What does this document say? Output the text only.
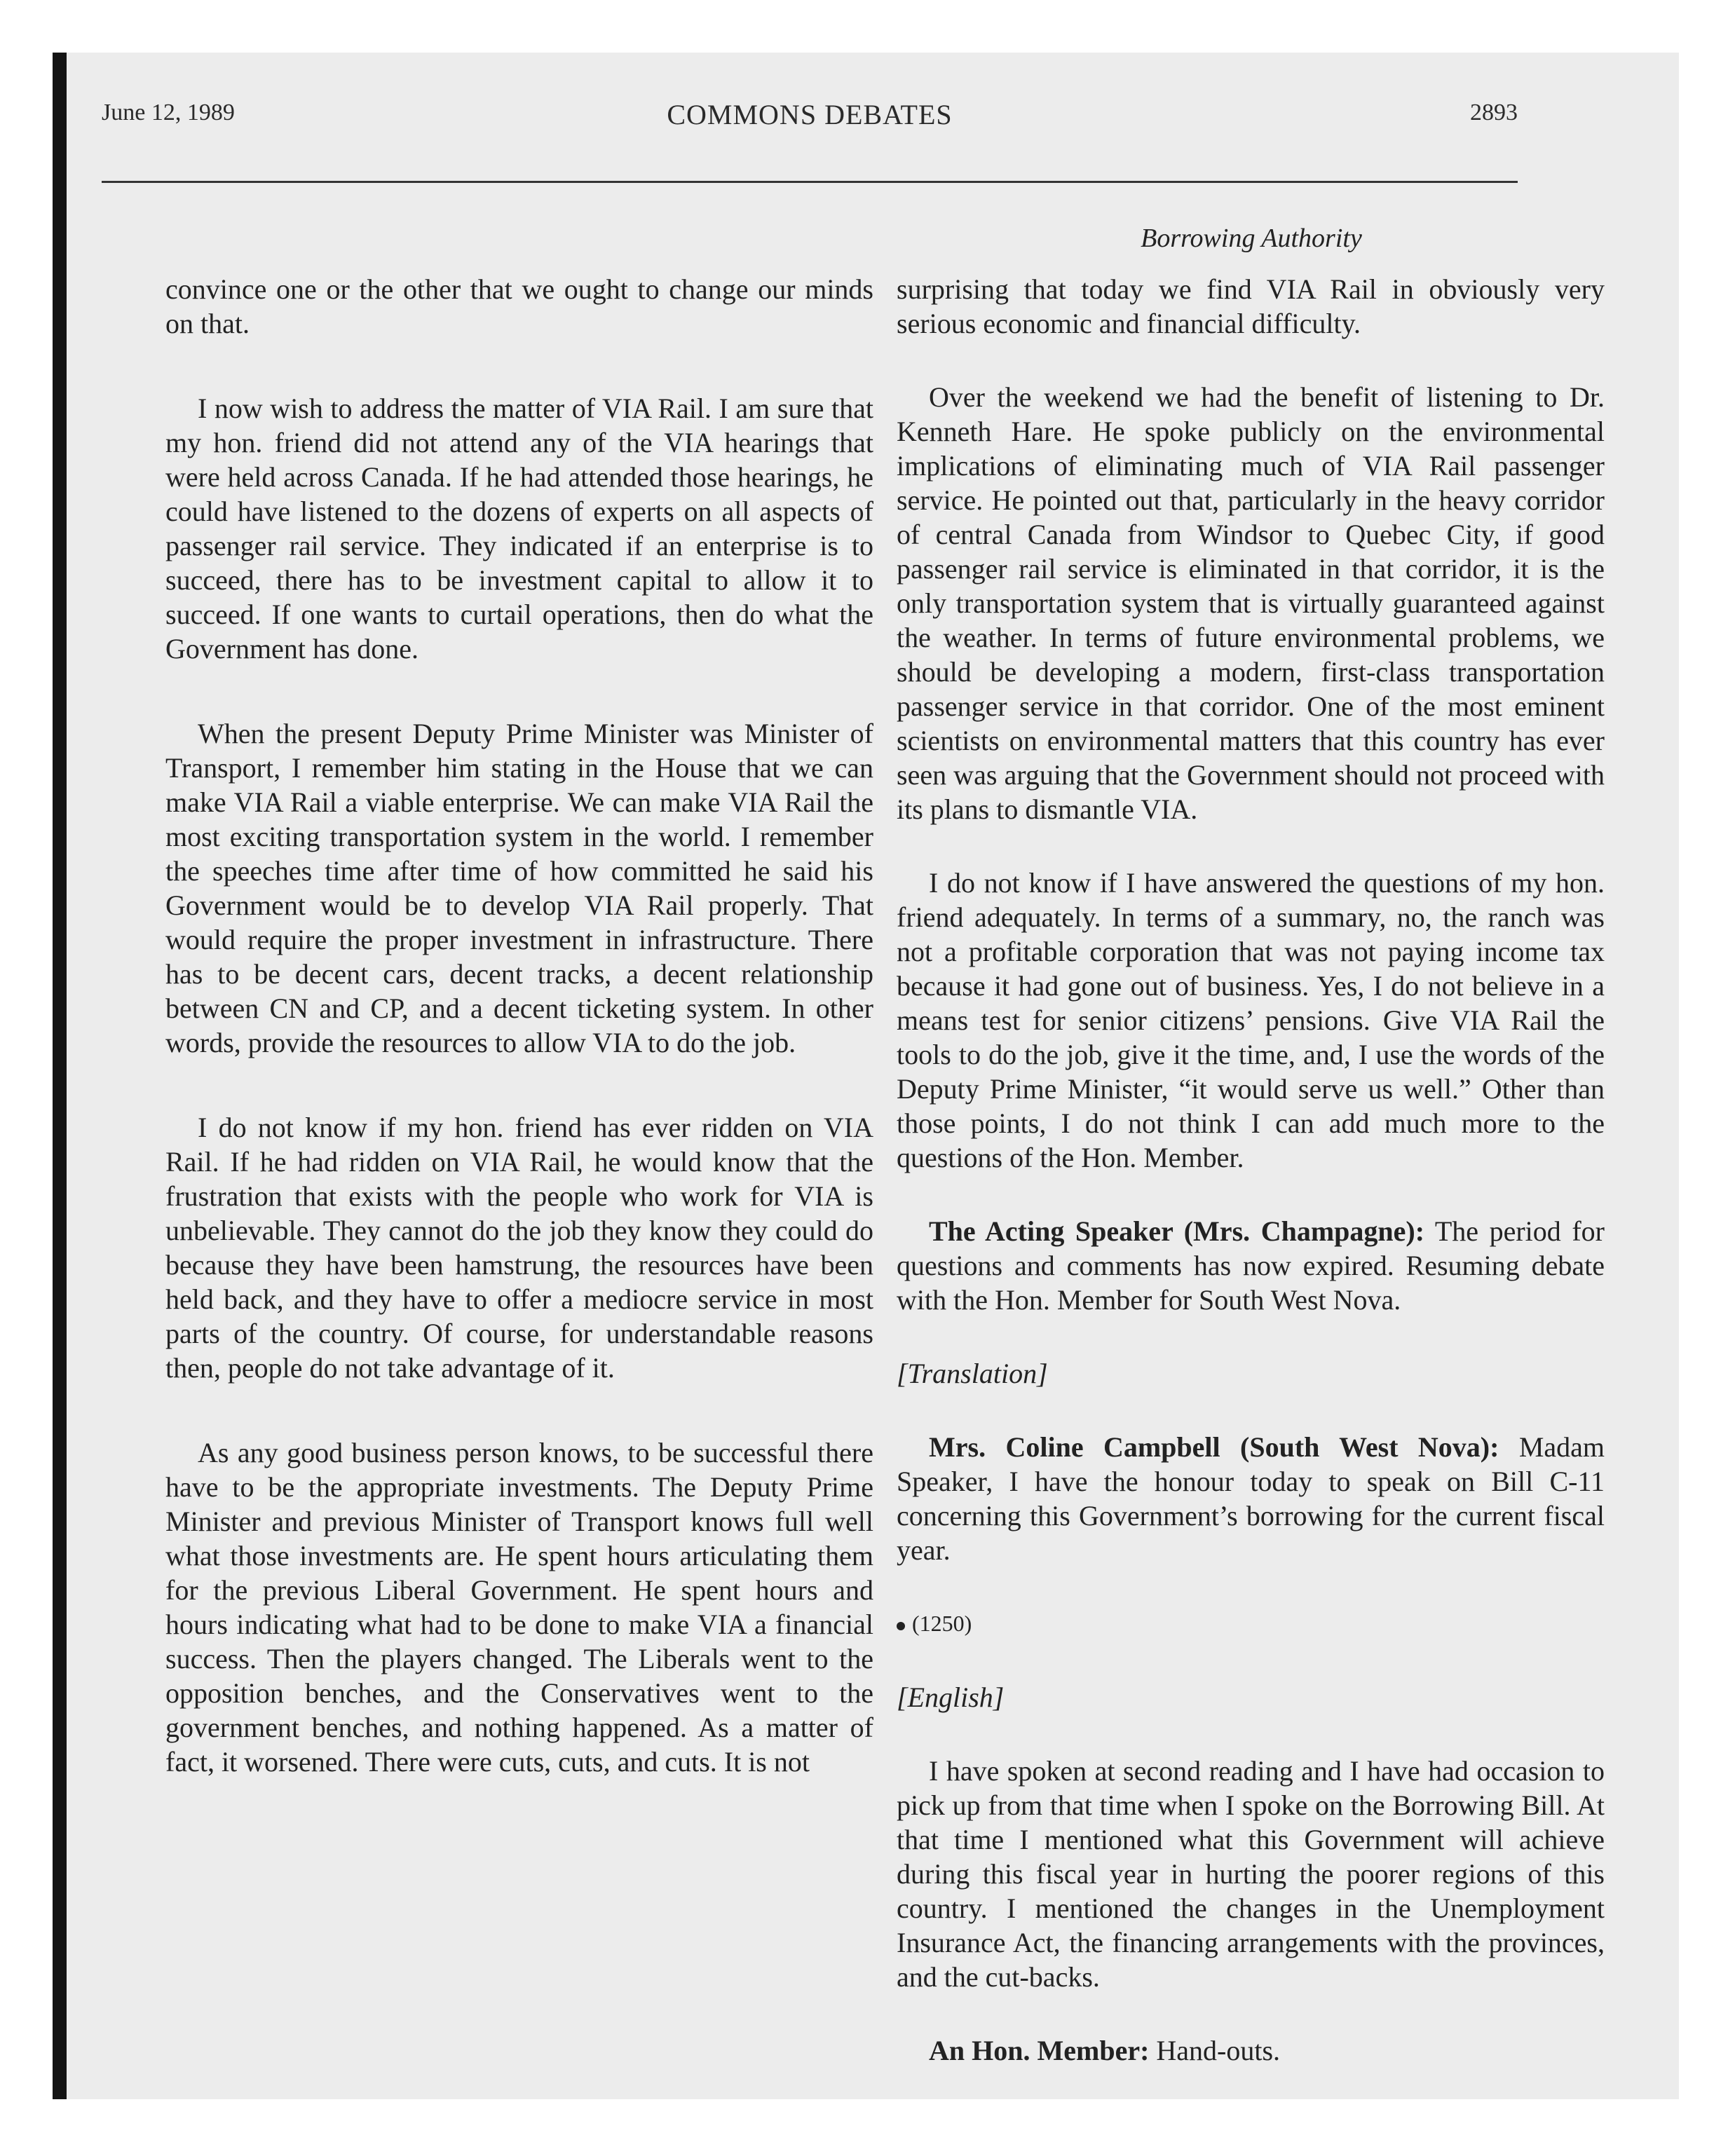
June 12, 1989	COMMONS DEBATES	2893
Borrowing Authority

convince one or the other that we ought to change our minds on that.

I now wish to address the matter of VIA Rail. I am sure that my hon. friend did not attend any of the VIA hearings that were held across Canada. If he had attended those hearings, he could have listened to the dozens of experts on all aspects of passenger rail service. They indicated if an enterprise is to succeed, there has to be investment capital to allow it to succeed. If one wants to curtail operations, then do what the Government has done.

When the present Deputy Prime Minister was Minister of Transport, I remember him stating in the House that we can make VIA Rail a viable enterprise. We can make VIA Rail the most exciting transportation system in the world. I remember the speeches time after time of how committed he said his Government would be to develop VIA Rail properly. That would require the proper investment in infrastructure. There has to be decent cars, decent tracks, a decent relationship between CN and CP, and a decent ticketing system. In other words, provide the resources to allow VIA to do the job.

I do not know if my hon. friend has ever ridden on VIA Rail. If he had ridden on VIA Rail, he would know that the frustration that exists with the people who work for VIA is unbelievable. They cannot do the job they know they could do because they have been hamstrung, the resources have been held back, and they have to offer a mediocre service in most parts of the country. Of course, for understandable reasons then, people do not take advantage of it.

As any good business person knows, to be successful there have to be the appropriate investments. The Deputy Prime Minister and previous Minister of Transport knows full well what those investments are. He spent hours articulating them for the previous Liberal Government. He spent hours and hours indicating what had to be done to make VIA a financial success. Then the players changed. The Liberals went to the opposition benches, and the Conservatives went to the government benches, and nothing happened. As a matter of fact, it worsened. There were cuts, cuts, and cuts. It is not

surprising that today we find VIA Rail in obviously very serious economic and financial difficulty.

Over the weekend we had the benefit of listening to Dr. Kenneth Hare. He spoke publicly on the environmental implications of eliminating much of VIA Rail passenger service. He pointed out that, particularly in the heavy corridor of central Canada from Windsor to Quebec City, if good passenger rail service is eliminated in that corridor, it is the only transportation system that is virtually guaranteed against the weather. In terms of future environmental problems, we should be developing a modern, first-class transportation passenger service in that corridor. One of the most eminent scientists on environmental matters that this country has ever seen was arguing that the Government should not proceed with its plans to dismantle VIA.

I do not know if I have answered the questions of my hon. friend adequately. In terms of a summary, no, the ranch was not a profitable corporation that was not paying income tax because it had gone out of business. Yes, I do not believe in a means test for senior citizens’ pensions. Give VIA Rail the tools to do the job, give it the time, and, I use the words of the Deputy Prime Minister, “it would serve us well.” Other than those points, I do not think I can add much more to the questions of the Hon. Member.

The Acting Speaker (Mrs. Champagne): The period for questions and comments has now expired. Resuming debate with the Hon. Member for South West Nova.

[Translation]

Mrs. Coline Campbell (South West Nova): Madam Speaker, I have the honour today to speak on Bill C-11 concerning this Government’s borrowing for the current fiscal year.

(1250)

[English]

I have spoken at second reading and I have had occasion to pick up from that time when I spoke on the Borrowing Bill. At that time I mentioned what this Government will achieve during this fiscal year in hurting the poorer regions of this country. I mentioned the changes in the Unemployment Insurance Act, the financing arrangements with the provinces, and the cut-backs.

An Hon. Member: Hand-outs.
